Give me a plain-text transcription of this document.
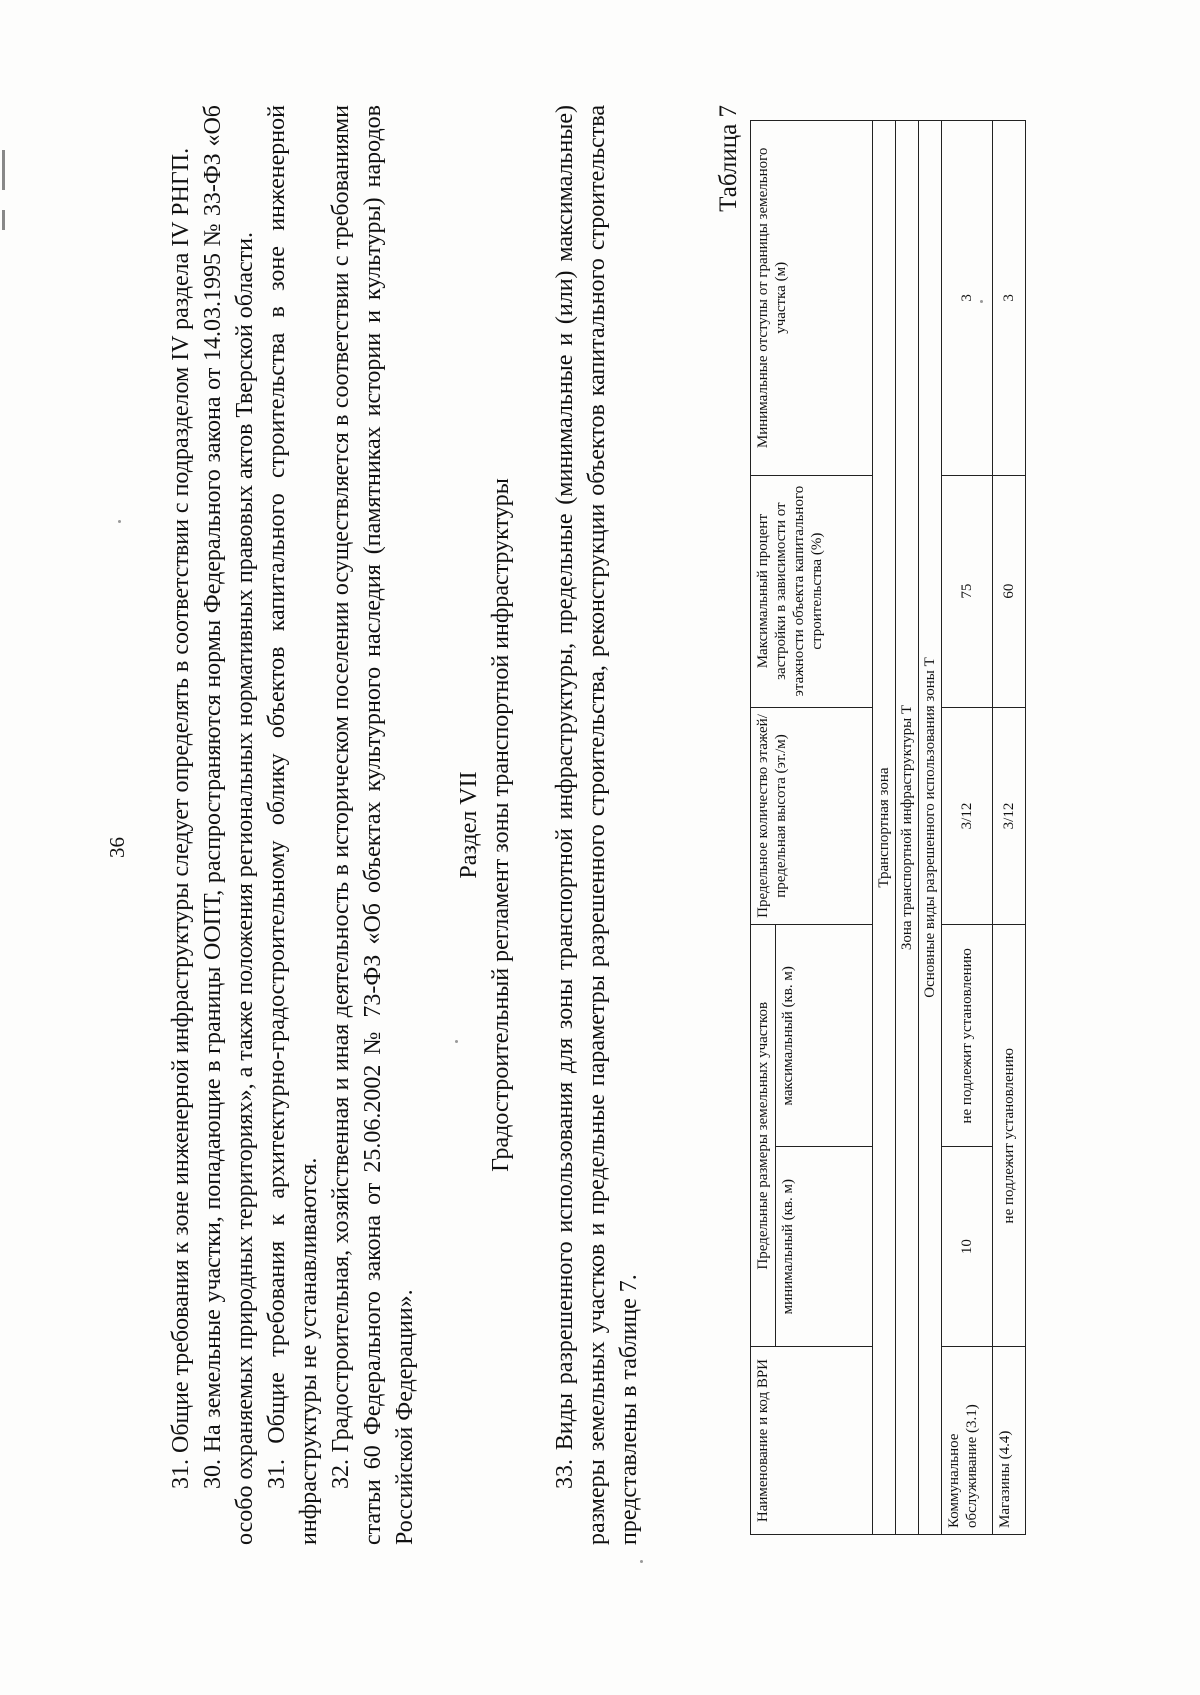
36 31. Общие требования к зоне инженерной инфраструктуры следует определять в соответствии с подразделом IV раздела IV РНГП. 30. На земельные участки, попадающие в границы ООПТ, распространяются нормы Федерального закона от 14.03.1995 № 33-ФЗ «Об особо охраняемых природных территориях», а также положения региональных нормативных правовых актов Тверской области. 31. Общие требования к архитектурно-градостроительному облику объектов капитального строительства в зоне инженерной инфраструктуры не устанавливаются. 32. Градостроительная, хозяйственная и иная деятельность в историческом поселении осуществляется в соответствии с требованиями статьи 60 Федерального закона от 25.06.2002 № 73-ФЗ «Об объектах культурного наследия (памятниках истории и культуры) народов Российской Федерации».

Раздел VII Градостроительный регламент зоны транспортной инфраструктуры 33. Виды разрешенного использования для зоны транспортной инфраструктуры, предельные (минимальные и (или) максимальные) размеры земельных участков и предельные параметры разрешенного строительства, реконструкции объектов капитального строительства представлены в таблице 7.

Таблица 7
Наименование и код ВРИ	Предельные размеры земельных участков		Предельное количество этажей/ предельная высота (эт./м)	Максимальный процент застройки в зависимости от этажности объекта капитального строительства (%)	Минимальные отступы от границы земельного участка (м)
	минимальный (кв. м)	максимальный (кв. м)			
Транспортная зона					
Зона транспортной инфраструктуры Т					
Основные виды разрешенного использования зоны Т					
Коммунальное обслуживание (3.1)	10	не подлежит установлению	3/12	75	3
Магазины (4.4)	не подлежит установлению		3/12	60	3
